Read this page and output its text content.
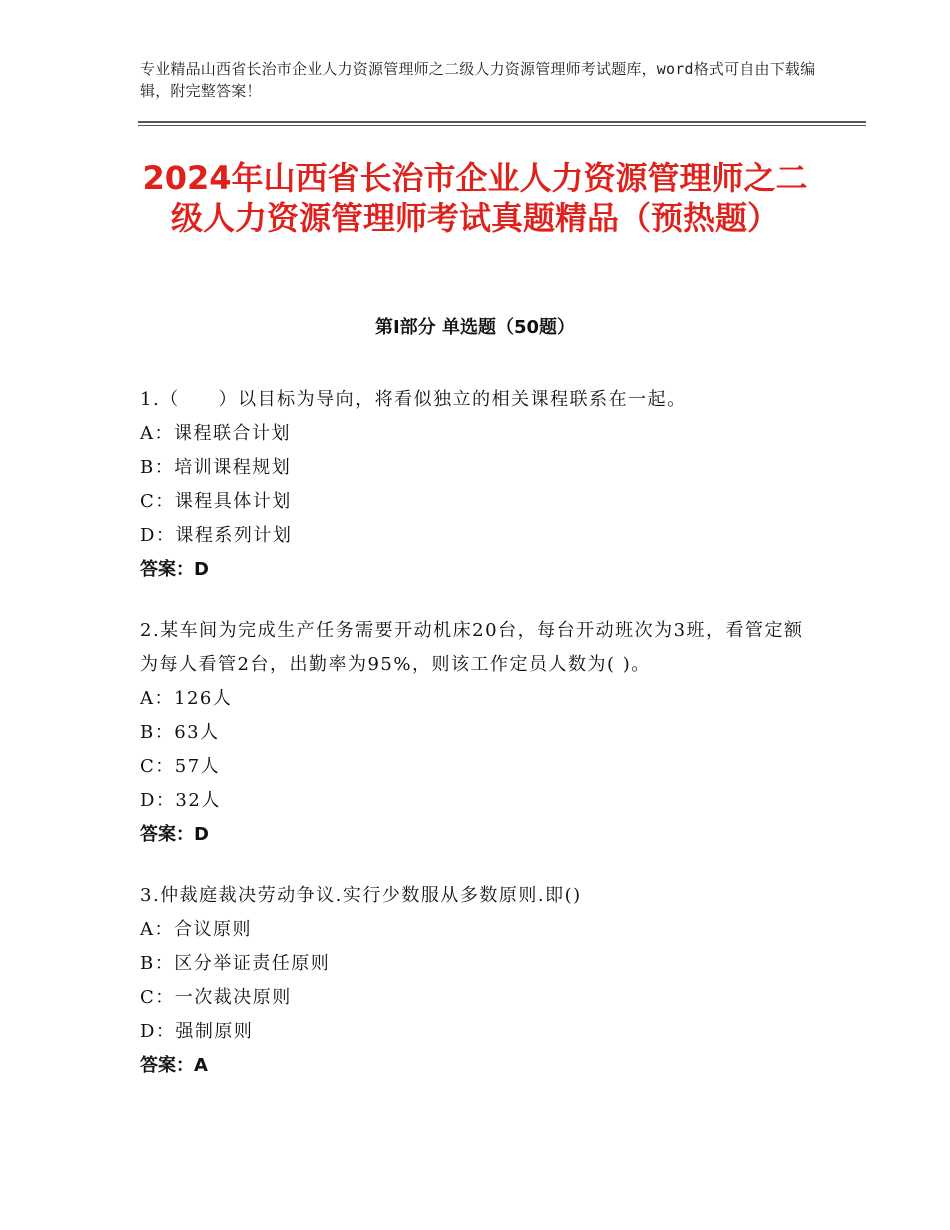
专业精品山西省长治市企业人力资源管理师之二级人力资源管理师考试题库，word格式可自由下载编辑，附完整答案！
2024年山西省长治市企业人力资源管理师之二级人力资源管理师考试真题精品（预热题）
第Ⅰ部分 单选题（50题）
1.（　　）以目标为导向，将看似独立的相关课程联系在一起。
A：课程联合计划
B：培训课程规划
C：课程具体计划
D：课程系列计划
答案：D
2.某车间为完成生产任务需要开动机床20台，每台开动班次为3班，看管定额为每人看管2台，出勤率为95%，则该工作定员人数为( )。
A：126人
B：63人
C：57人
D：32人
答案：D
3.仲裁庭裁决劳动争议.实行少数服从多数原则.即()
A：合议原则
B：区分举证责任原则
C：一次裁决原则
D：强制原则
答案：A
